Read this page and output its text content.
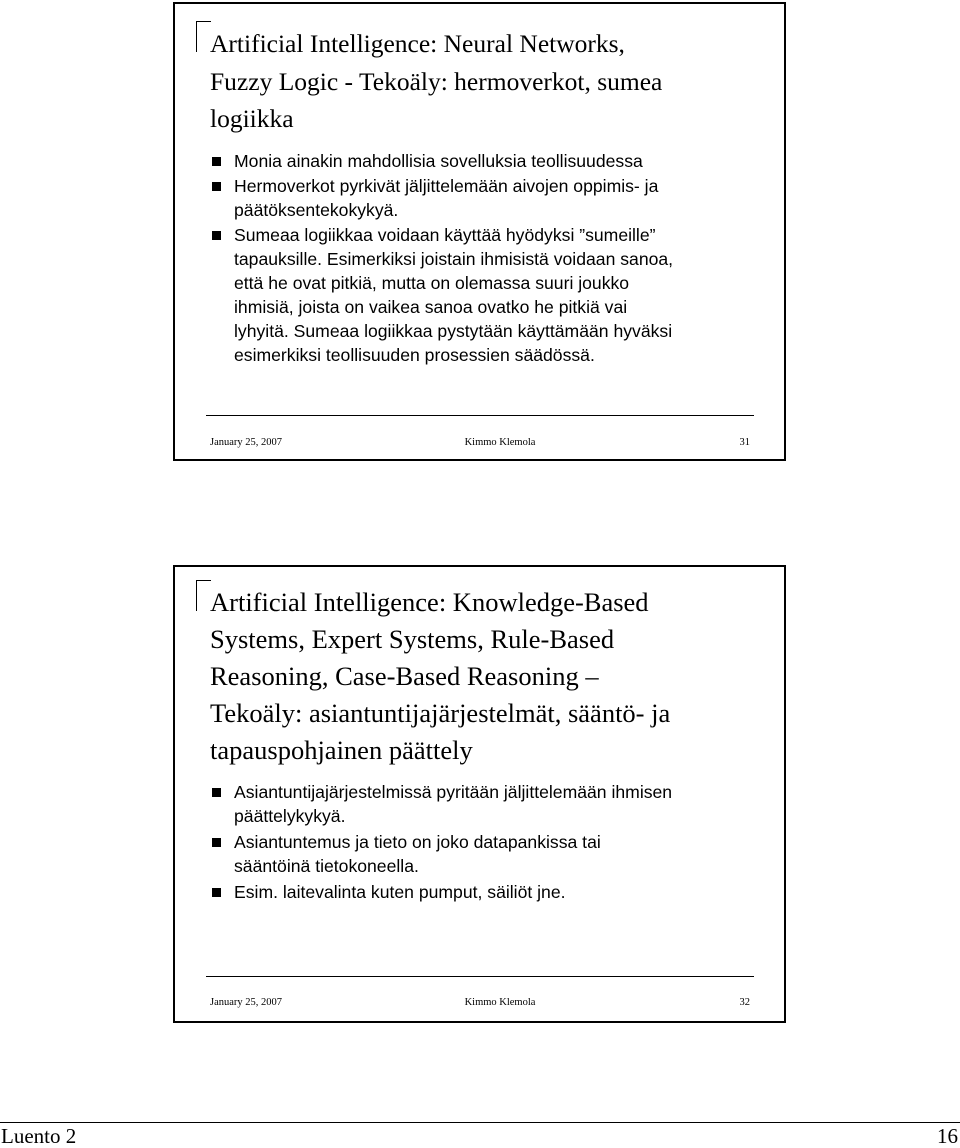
Artificial Intelligence: Neural Networks,
Fuzzy Logic - Tekoäly: hermoverkot, sumea
logiikka
Monia ainakin mahdollisia sovelluksia teollisuudessa
Hermoverkot pyrkivät jäljittelemään aivojen oppimis- ja
päätöksentekokykyä.
Sumeaa logiikkaa voidaan käyttää hyödyksi ”sumeille”
tapauksille. Esimerkiksi joistain ihmisistä voidaan sanoa,
että he ovat pitkiä, mutta on olemassa suuri joukko
ihmisiä, joista on vaikea sanoa ovatko he pitkiä vai
lyhyitä. Sumeaa logiikkaa pystytään käyttämään hyväksi
esimerkiksi teollisuuden prosessien säädössä.
January 25, 2007	Kimmo Klemola	31
Artificial Intelligence: Knowledge-Based
Systems, Expert Systems, Rule-Based
Reasoning, Case-Based Reasoning –
Tekoäly: asiantuntijajärjestelmät, sääntö- ja
tapauspohjainen päättely
Asiantuntijajärjestelmissä pyritään jäljittelemään ihmisen
päättelykykyä.
Asiantuntemus ja tieto on joko datapankissa tai
sääntöinä tietokoneella.
Esim. laitevalinta kuten pumput, säiliöt jne.
January 25, 2007	Kimmo Klemola	32
Luento 2	16
